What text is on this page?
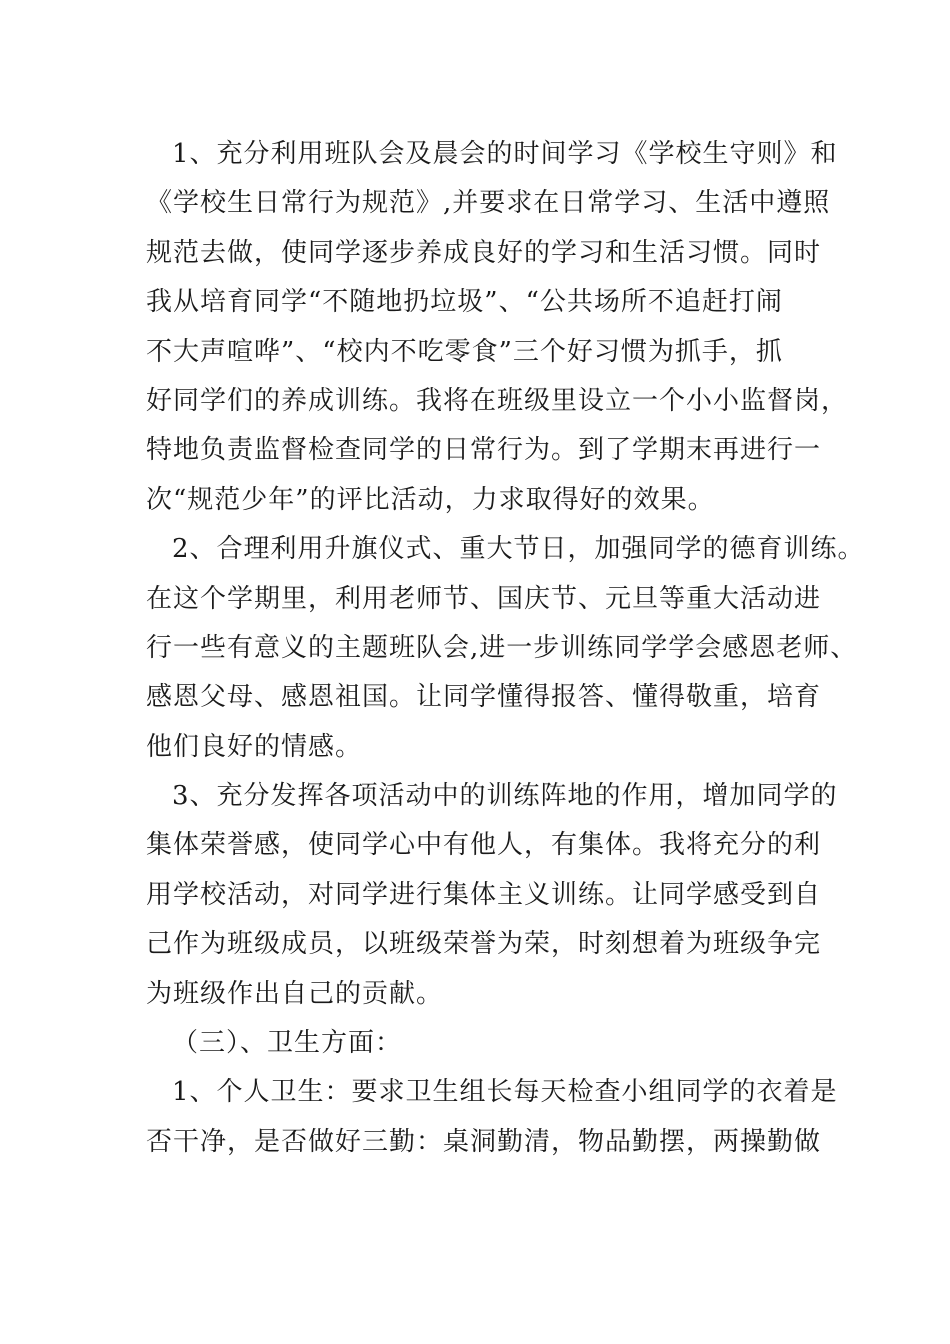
1、充分利用班队会及晨会的时间学习《学校生守则》和
《学校生日常行为规范》,并要求在日常学习、生活中遵照
规范去做，使同学逐步养成良好的学习和生活习惯。同时
我从培育同学“不随地扔垃圾”、“公共场所不追赶打闹
不大声喧哗”、“校内不吃零食”三个好习惯为抓手，抓
好同学们的养成训练。我将在班级里设立一个小小监督岗，
特地负责监督检查同学的日常行为。到了学期末再进行一
次“规范少年”的评比活动，力求取得好的效果。
2、合理利用升旗仪式、重大节日，加强同学的德育训练。
在这个学期里，利用老师节、国庆节、元旦等重大活动进
行一些有意义的主题班队会,进一步训练同学学会感恩老师、
感恩父母、感恩祖国。让同学懂得报答、懂得敬重，培育
他们良好的情感。
3、充分发挥各项活动中的训练阵地的作用，增加同学的
集体荣誉感，使同学心中有他人，有集体。我将充分的利
用学校活动，对同学进行集体主义训练。让同学感受到自
己作为班级成员，以班级荣誉为荣，时刻想着为班级争完
为班级作出自己的贡献。
（三）、卫生方面：
1、个人卫生：要求卫生组长每天检查小组同学的衣着是
否干净，是否做好三勤：桌洞勤清，物品勤摆，两操勤做
